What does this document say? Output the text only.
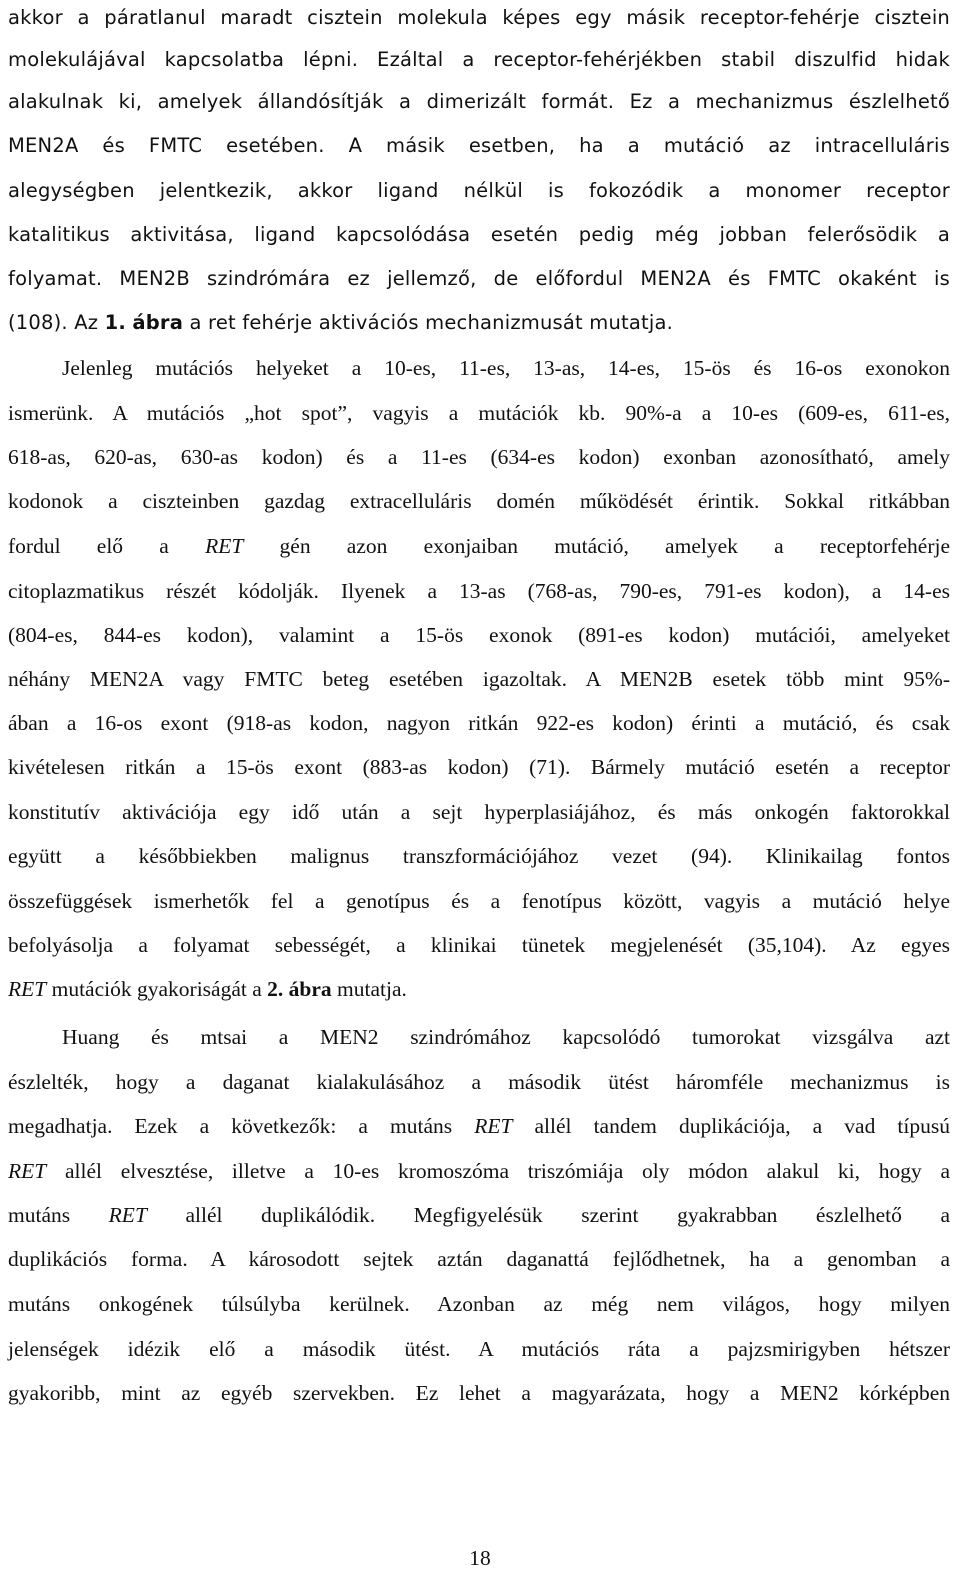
akkor a páratlanul maradt cisztein molekula képes egy másik receptor-fehérje cisztein
molekulájával kapcsolatba lépni. Ezáltal a receptor-fehérjékben stabil diszulfid hidak
alakulnak ki, amelyek állandósítják a dimerizált formát. Ez a mechanizmus észlelhető
MEN2A és FMTC esetében. A másik esetben, ha a mutáció az intracelluláris
alegységben jelentkezik, akkor ligand nélkül is fokozódik a monomer receptor
katalitikus aktivitása, ligand kapcsolódása esetén pedig még jobban felerősödik a
folyamat. MEN2B szindrómára ez jellemző, de előfordul MEN2A és FMTC okaként is
(108). Az 1. ábra a ret fehérje aktivációs mechanizmusát mutatja.
Jelenleg mutációs helyeket a 10-es, 11-es, 13-as, 14-es, 15-ös és 16-os exonokon
ismerünk. A mutációs „hot spot”, vagyis a mutációk kb. 90%-a a 10-es (609-es, 611-es,
618-as, 620-as, 630-as kodon) és a 11-es (634-es kodon) exonban azonosítható, amely
kodonok a ciszteinben gazdag extracelluláris domén működését érintik. Sokkal ritkábban
fordul elő a RET gén azon exonjaiban mutáció, amelyek a receptorfehérje
citoplazmatikus részét kódolják. Ilyenek a 13-as (768-as, 790-es, 791-es kodon), a 14-es
(804-es, 844-es kodon), valamint a 15-ös exonok (891-es kodon) mutációi, amelyeket
néhány MEN2A vagy FMTC beteg esetében igazoltak. A MEN2B esetek több mint 95%-
ában a 16-os exont (918-as kodon, nagyon ritkán 922-es kodon) érinti a mutáció, és csak
kivételesen ritkán a 15-ös exont (883-as kodon) (71). Bármely mutáció esetén a receptor
konstitutív aktivációja egy idő után a sejt hyperplasiájához, és más onkogén faktorokkal
együtt a későbbiekben malignus transzformációjához vezet (94). Klinikailag fontos
összefüggések ismerhetők fel a genotípus és a fenotípus között, vagyis a mutáció helye
befolyásolja a folyamat sebességét, a klinikai tünetek megjelenését (35,104). Az egyes
RET mutációk gyakoriságát a 2. ábra mutatja.
Huang és mtsai a MEN2 szindrómához kapcsolódó tumorokat vizsgálva azt
észlelték, hogy a daganat kialakulásához a második ütést háromféle mechanizmus is
megadhatja. Ezek a következők: a mutáns RET allél tandem duplikációja, a vad típusú
RET allél elvesztése, illetve a 10-es kromoszóma triszómiája oly módon alakul ki, hogy a
mutáns RET allél duplikálódik. Megfigyelésük szerint gyakrabban észlelhető a
duplikációs forma. A károsodott sejtek aztán daganattá fejlődhetnek, ha a genomban a
mutáns onkogének túlsúlyba kerülnek. Azonban az még nem világos, hogy milyen
jelenségek idézik elő a második ütést. A mutációs ráta a pajzsmirigyben hétszer
gyakoribb, mint az egyéb szervekben. Ez lehet a magyarázata, hogy a MEN2 kórképben
18
